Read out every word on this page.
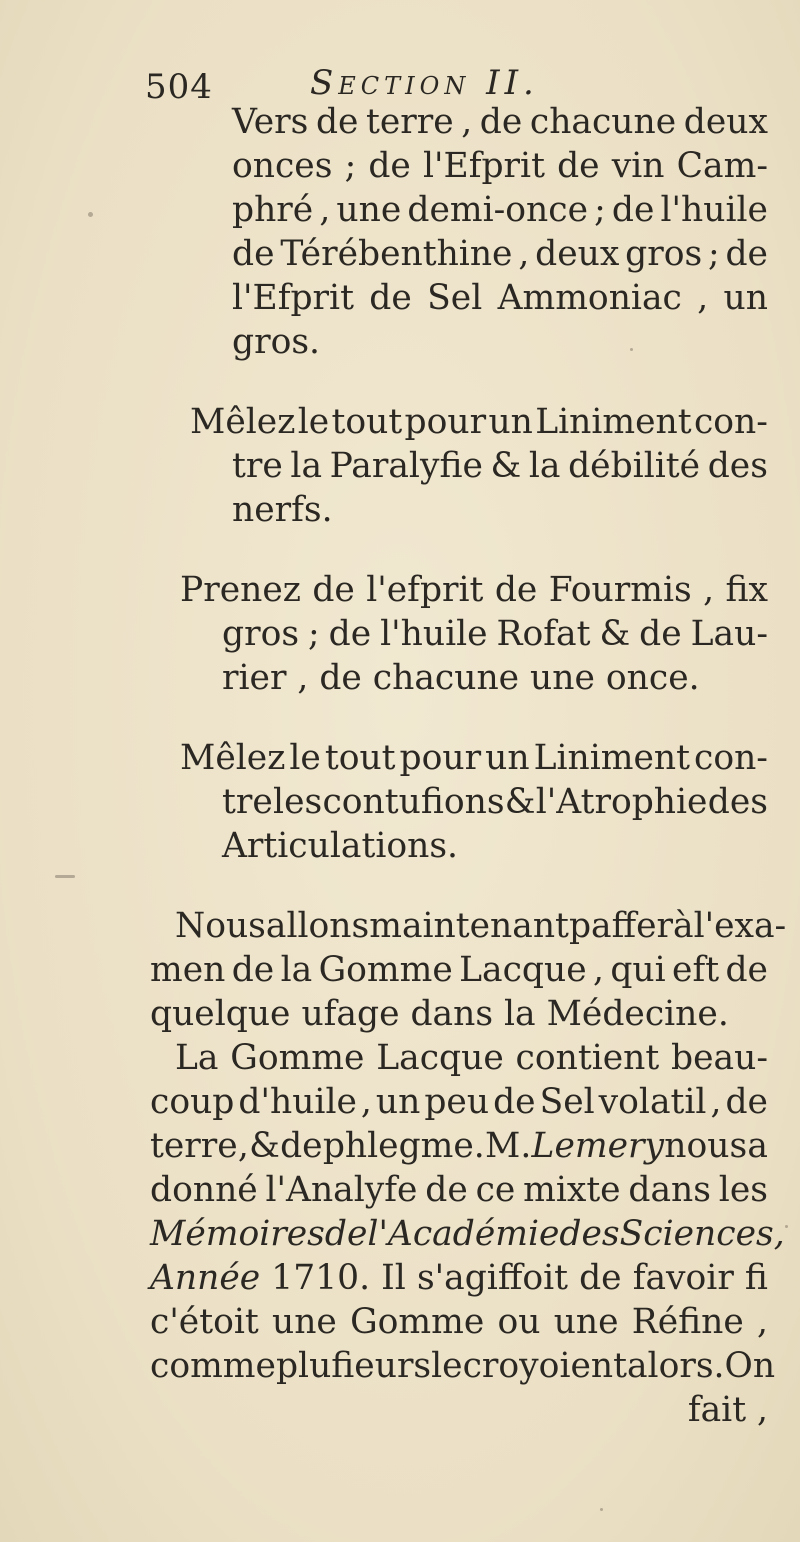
504	Section II.
Vers de terre , de chacune deux
onces ; de l'Efprit de vin Cam-
phré , une demi-once ; de l'huile
de Térébenthine , deux gros ; de
l'Efprit de Sel Ammoniac , un
gros.
Mêlez le tout pour un Liniment con-
tre la Paralyfie & la débilité des
nerfs.
Prenez de l'efprit de Fourmis , fix
gros ; de l'huile Rofat & de Lau-
rier , de chacune une once.
Mêlez le tout pour un Liniment con-
tre les contufions & l'Atrophie des
Articulations.
Nous allons maintenant paffer à l'exa-
men de la Gomme Lacque , qui eft de
quelque ufage dans la Médecine.
La Gomme Lacque contient beau-
coup d'huile , un peu de Sel volatil , de
terre , & de phlegme. M. Lemery nous a
donné l'Analyfe de ce mixte dans les
Mémoires de l'Académie des Sciences ,
Année 1710. Il s'agiffoit de favoir fi
c'étoit une Gomme ou une Réfine ,
comme plufieurs le croyoient alors. On
fait ,
